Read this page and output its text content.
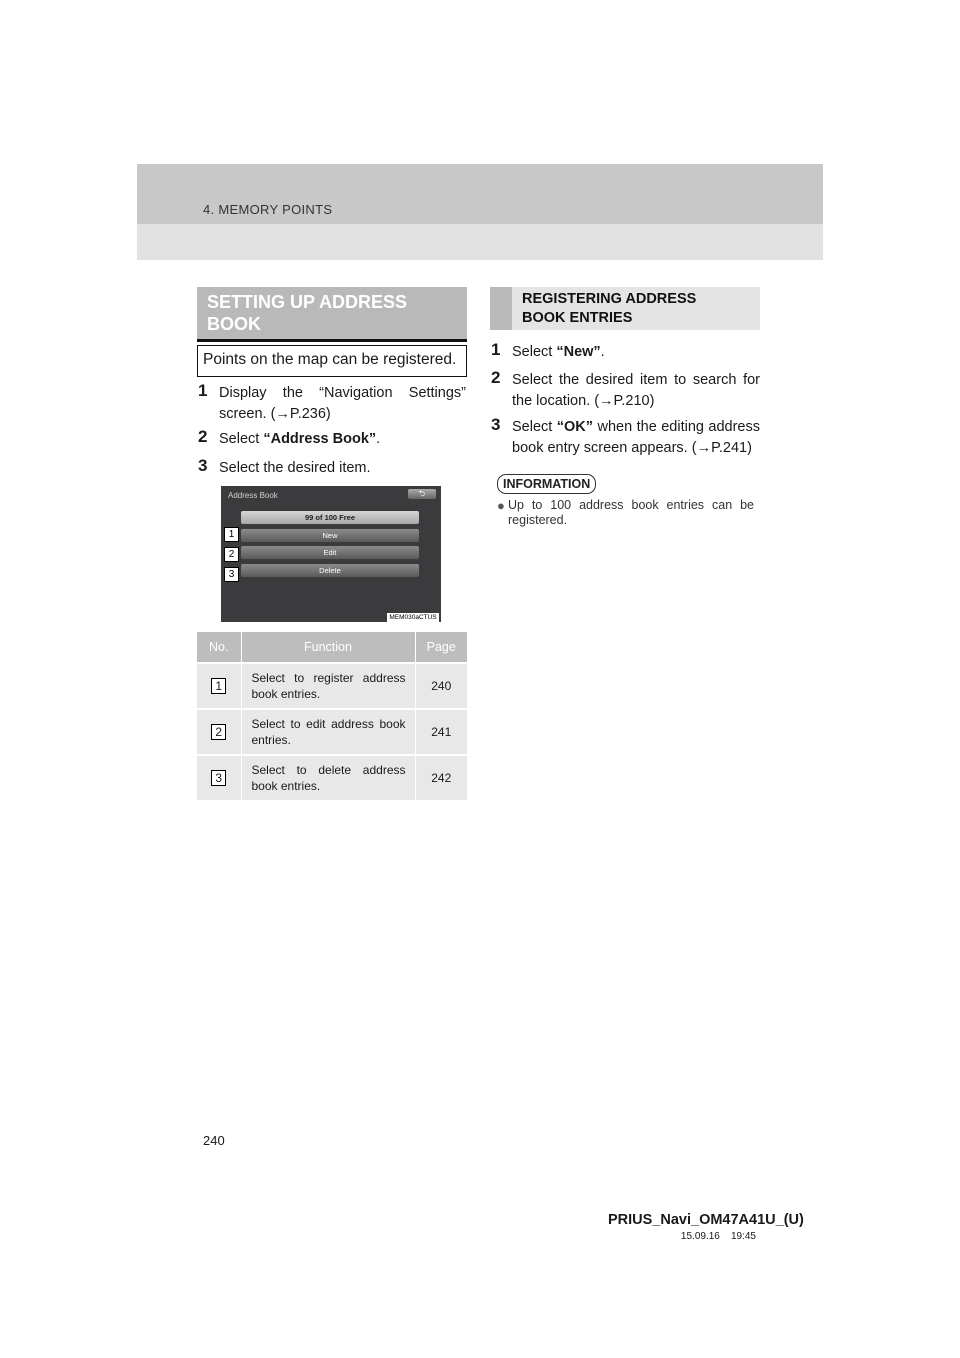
4. MEMORY POINTS
SETTING UP ADDRESS BOOK
Points on the map can be registered.
1 Display the “Navigation Settings” screen. (→P.236)
2 Select “Address Book”.
3 Select the desired item.
Address Book	⮌
99 of 100 Free
New
Edit
Delete
1
2
3
MEM030aCTUS
No.	Function	Page
1	Select to register address book entries.	240
2	Select to edit address book entries.	241
3	Select to delete address book entries.	242
REGISTERING ADDRESS BOOK ENTRIES
1 Select “New”.
2 Select the desired item to search for the location. (→P.210)
3 Select “OK” when the editing address book entry screen appears. (→P.241)
INFORMATION
● Up to 100 address book entries can be registered.
240
PRIUS_Navi_OM47A41U_(U)
15.09.16    19:45
